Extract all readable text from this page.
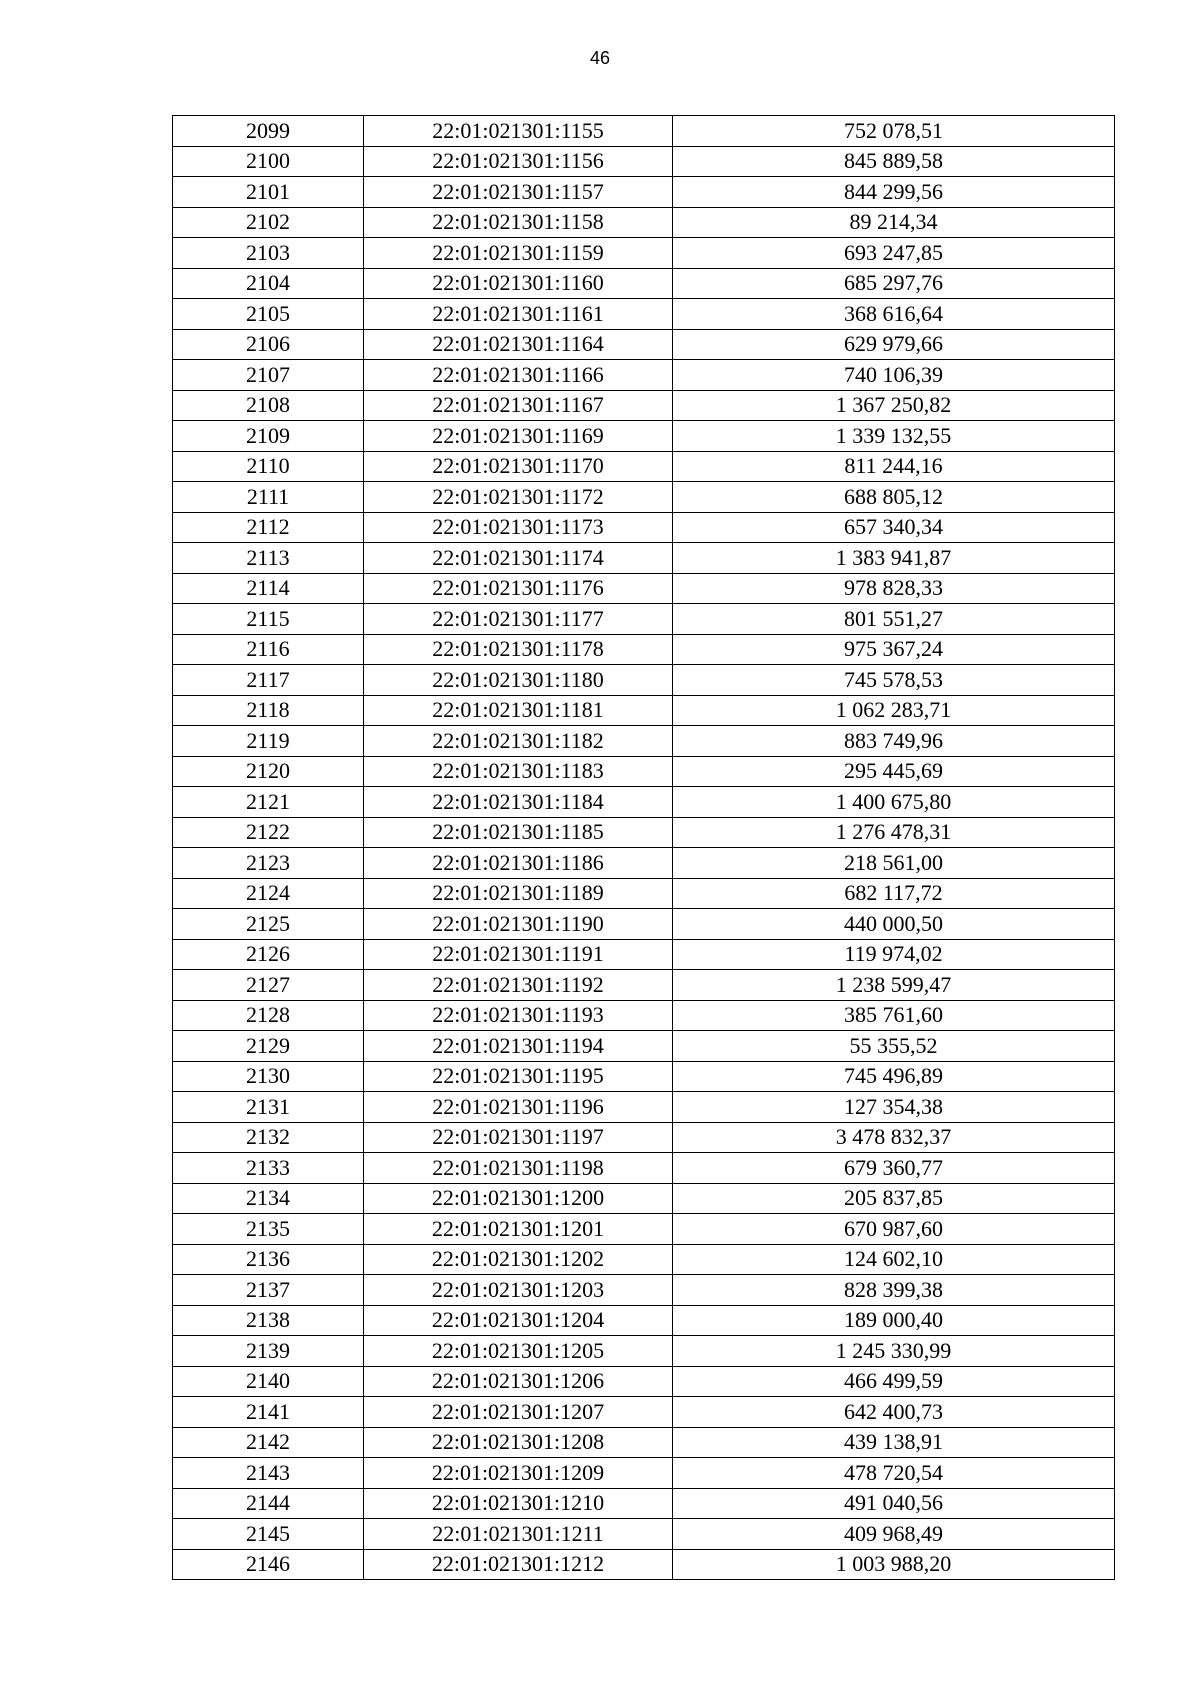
46
2099	22:01:021301:1155	752 078,51
2100	22:01:021301:1156	845 889,58
2101	22:01:021301:1157	844 299,56
2102	22:01:021301:1158	89 214,34
2103	22:01:021301:1159	693 247,85
2104	22:01:021301:1160	685 297,76
2105	22:01:021301:1161	368 616,64
2106	22:01:021301:1164	629 979,66
2107	22:01:021301:1166	740 106,39
2108	22:01:021301:1167	1 367 250,82
2109	22:01:021301:1169	1 339 132,55
2110	22:01:021301:1170	811 244,16
2111	22:01:021301:1172	688 805,12
2112	22:01:021301:1173	657 340,34
2113	22:01:021301:1174	1 383 941,87
2114	22:01:021301:1176	978 828,33
2115	22:01:021301:1177	801 551,27
2116	22:01:021301:1178	975 367,24
2117	22:01:021301:1180	745 578,53
2118	22:01:021301:1181	1 062 283,71
2119	22:01:021301:1182	883 749,96
2120	22:01:021301:1183	295 445,69
2121	22:01:021301:1184	1 400 675,80
2122	22:01:021301:1185	1 276 478,31
2123	22:01:021301:1186	218 561,00
2124	22:01:021301:1189	682 117,72
2125	22:01:021301:1190	440 000,50
2126	22:01:021301:1191	119 974,02
2127	22:01:021301:1192	1 238 599,47
2128	22:01:021301:1193	385 761,60
2129	22:01:021301:1194	55 355,52
2130	22:01:021301:1195	745 496,89
2131	22:01:021301:1196	127 354,38
2132	22:01:021301:1197	3 478 832,37
2133	22:01:021301:1198	679 360,77
2134	22:01:021301:1200	205 837,85
2135	22:01:021301:1201	670 987,60
2136	22:01:021301:1202	124 602,10
2137	22:01:021301:1203	828 399,38
2138	22:01:021301:1204	189 000,40
2139	22:01:021301:1205	1 245 330,99
2140	22:01:021301:1206	466 499,59
2141	22:01:021301:1207	642 400,73
2142	22:01:021301:1208	439 138,91
2143	22:01:021301:1209	478 720,54
2144	22:01:021301:1210	491 040,56
2145	22:01:021301:1211	409 968,49
2146	22:01:021301:1212	1 003 988,20
